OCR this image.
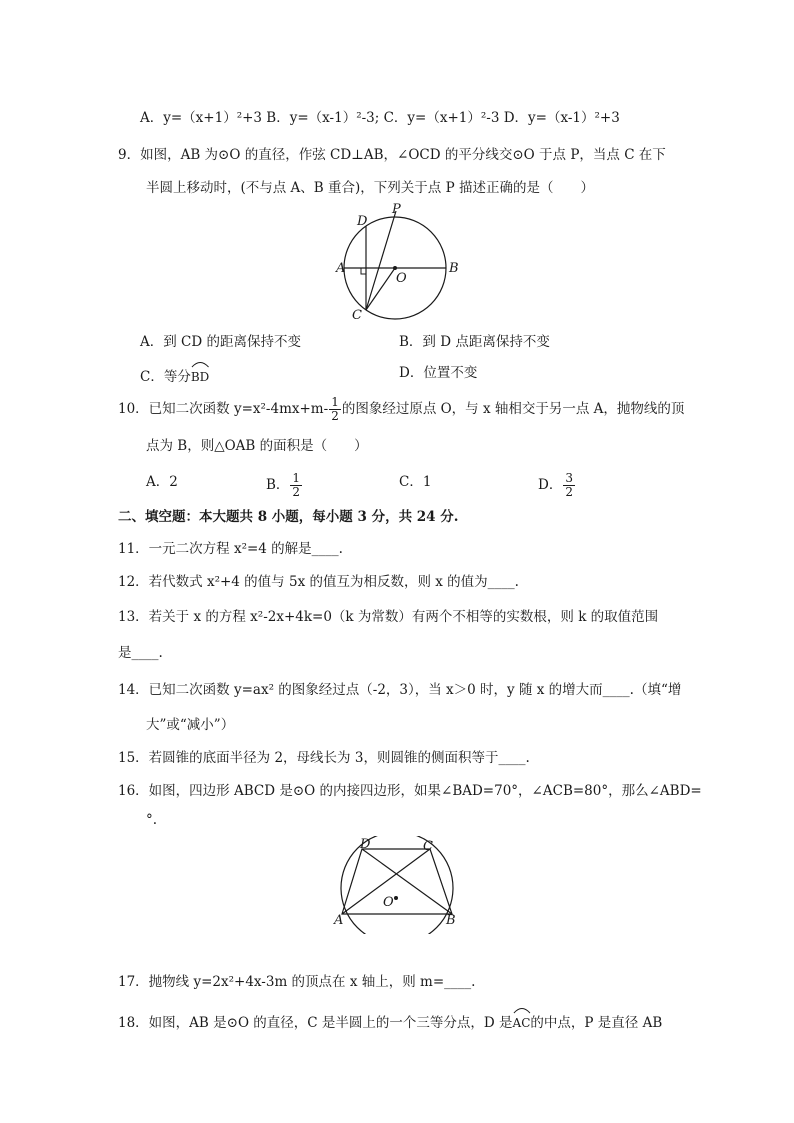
A．y=（x+1）²+3 B．y=（x-1）²-3; C．y=（x+1）²-3 D．y=（x-1）²+3
9．如图，AB 为⊙O 的直径，作弦 CD⊥AB，∠OCD 的平分线交⊙O 于点 P，当点 C 在下
半圆上移动时，(不与点 A、B 重合)，下列关于点 P 描述正确的是（　　）
D
P
A
O
B
C
A．到 CD 的距离保持不变	B．到 D 点距离保持不变
C．等分
BD	D．位置不变
10．已知二次函数 $y=x^2-4mx+m- \frac{1}{2}$ 的图象经过原点 O，与 x 轴相交于另一点 A，抛物线的顶
点为 B，则△OAB 的面积是（　　）
A．2	B． $\frac{1}{2}$	C．1	D． $\frac{3}{2}$
二、填空题：本大题共 8 小题，每小题 3 分，共 24 分.
11．一元二次方程 x²=4 的解是____.
12．若代数式 x²+4 的值与 5x 的值互为相反数，则 x 的值为____.
13．若关于 x 的方程 x²-2x+4k=0（k 为常数）有两个不相等的实数根，则 k 的取值范围
是____.
14．已知二次函数 y=ax² 的图象经过点（-2，3），当 x＞0 时，y 随 x 的增大而____.（填“增
大”或“减小”）
15．若圆锥的底面半径为 2，母线长为 3，则圆锥的侧面积等于____.
16．如图，四边形 ABCD 是⊙O 的内接四边形，如果∠BAD=70°，∠ACB=80°，那么∠ABD=
°.
D	C
O
A	B
17．抛物线 y=2x²+4x-3m 的顶点在 x 轴上，则 m=____.
18．如图，AB 是⊙O 的直径，C 是半圆上的一个三等分点，D 是
AC的中点，P 是直径 AB
